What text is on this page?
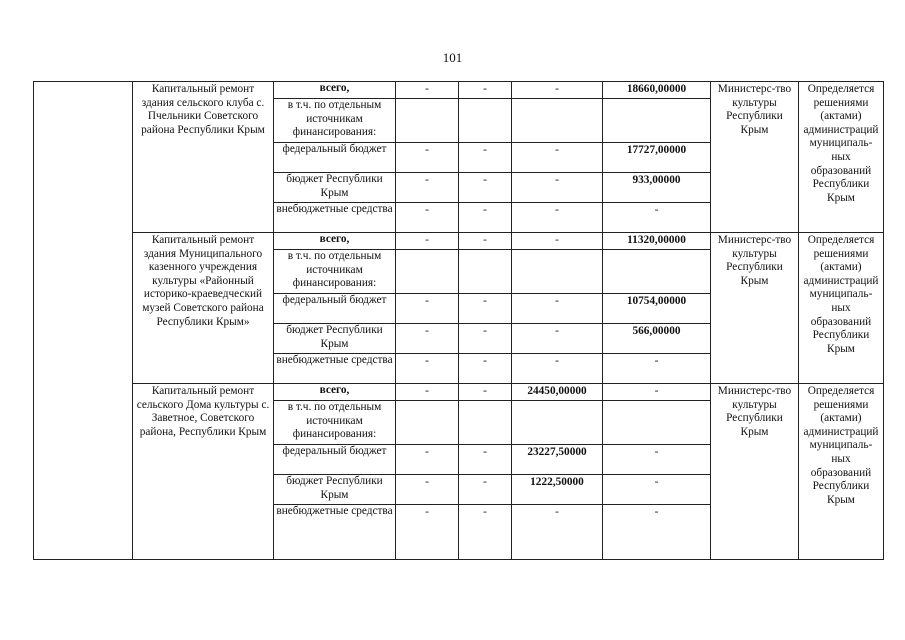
101
	Капитальный ремонт здания сельского клуба с. Пчельники Советского района Республики Крым	всего,	-	-	-	18660,00000	Министерс-тво культуры Республики Крым	Определяется решениями (актами) администраций муниципаль-ных образований Республики Крым
		в т.ч. по отдельным источникам финансирования:						
		федеральный бюджет	-	-	-	17727,00000		
		бюджет Республики Крым	-	-	-	933,00000		
		внебюджетные средства	-	-	-	-		
	Капитальный ремонт здания Муниципального казенного учреждения культуры «Районный историко-краеведческий музей Советского района Республики Крым»	всего,	-	-	-	11320,00000	Министерс-тво культуры Республики Крым	Определяется решениями (актами) администраций муниципаль-ных образований Республики Крым
		в т.ч. по отдельным источникам финансирования:						
		федеральный бюджет	-	-	-	10754,00000		
		бюджет Республики Крым	-	-	-	566,00000		
		внебюджетные средства	-	-	-	-		
	Капитальный ремонт сельского Дома культуры с. Заветное, Советского района, Республики Крым	всего,	-	-	24450,00000	-	Министерс-тво культуры Республики Крым	Определяется решениями (актами) администраций муниципаль-ных образований Республики Крым
		в т.ч. по отдельным источникам финансирования:						
		федеральный бюджет	-	-	23227,50000	-		
		бюджет Республики Крым	-	-	1222,50000	-		
		внебюджетные средства	-	-	-	-		
